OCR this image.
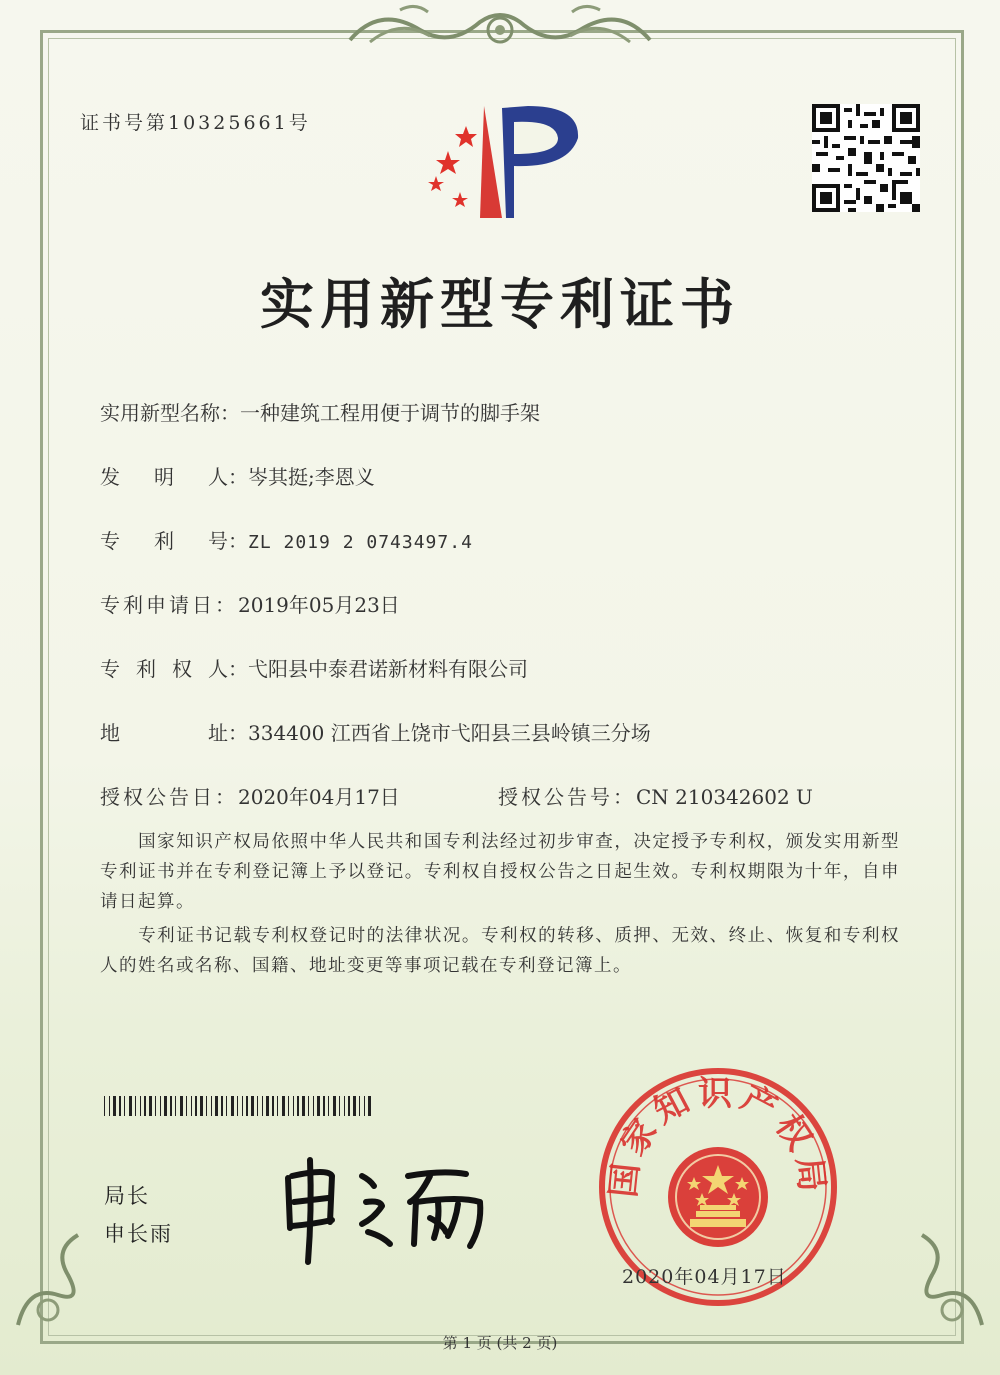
证书号第10325661号
实用新型专利证书
实用新型名称：一种建筑工程用便于调节的脚手架
发 明 人 ：岑其挺;李恩义
专 利 号 ：ZL 2019 2 0743497.4
专利申请日：2019年05月23日
专 利 权 人 ：弋阳县中泰君诺新材料有限公司
地	址 ：334400 江西省上饶市弋阳县三县岭镇三分场
授权公告日：2020年04月17日	授权公告号：CN 210342602 U
　　国家知识产权局依照中华人民共和国专利法经过初步审查，决定授予专利权，颁发实用新型专利证书并在专利登记簿上予以登记。专利权自授权公告之日起生效。专利权期限为十年，自申请日起算。
　　专利证书记载专利权登记时的法律状况。专利权的转移、质押、无效、终止、恢复和专利权人的姓名或名称、国籍、地址变更等事项记载在专利登记簿上。
局长
申长雨
国家知识产权局
2020年04月17日
第 1 页 (共 2 页)
